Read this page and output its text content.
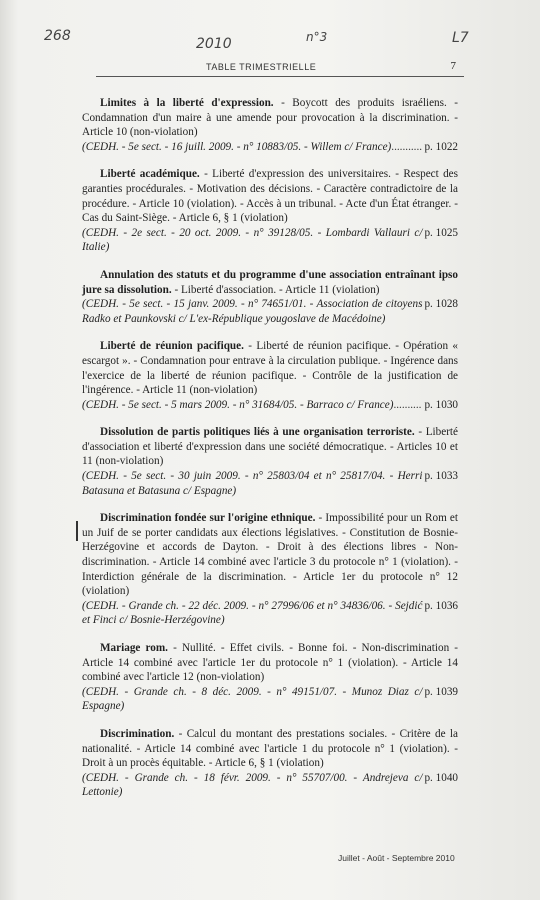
268	2010	n°3	L7
TABLE TRIMESTRIELLE	7
Limites à la liberté d'expression. - Boycott des produits israéliens. - Condamnation d'un maire à une amende pour provocation à la discrimination. - Article 10 (non-violation)
(CEDH. - 5e sect. - 16 juill. 2009. - n° 10883/05. - Willem c/ France) .....	p. 1022
Liberté académique. - Liberté d'expression des universitaires. - Respect des garanties procédurales. - Motivation des décisions. - Caractère contradictoire de la procédure. - Article 10 (violation). - Accès à un tribunal. - Acte d'un État étranger. - Cas du Saint-Siège. - Article 6, § 1 (violation)
(CEDH. - 2e sect. - 20 oct. 2009. - n° 39128/05. - Lombardi Vallauri c/ Italie)
p. 1025
Annulation des statuts et du programme d'une association entraînant ipso jure sa dissolution. - Liberté d'association. - Article 11 (violation)
(CEDH. - 5e sect. - 15 janv. 2009. - n° 74651/01. - Association de citoyens Radko et Paunkovski c/ L'ex-République yougoslave de Macédoine)
p. 1028
Liberté de réunion pacifique. - Liberté de réunion pacifique. - Opération « escargot ». - Condamnation pour entrave à la circulation publique. - Ingérence dans l'exercice de la liberté de réunion pacifique. - Contrôle de la justification de l'ingérence. - Article 11 (non-violation)
(CEDH. - 5e sect. - 5 mars 2009. - n° 31684/05. - Barraco c/ France) .....	p. 1030
Dissolution de partis politiques liés à une organisation terroriste. - Liberté d'association et liberté d'expression dans une société démocratique. - Articles 10 et 11 (non-violation)
(CEDH. - 5e sect. - 30 juin 2009. - n° 25803/04 et n° 25817/04. - Herri Batasuna et Batasuna c/ Espagne)
p. 1033
Discrimination fondée sur l'origine ethnique. - Impossibilité pour un Rom et un Juif de se porter candidats aux élections législatives. - Constitution de Bosnie-Herzégovine et accords de Dayton. - Droit à des élections libres - Non-discrimination. - Article 14 combiné avec l'article 3 du protocole n° 1 (violation). - Interdiction générale de la discrimination. - Article 1er du protocole n° 12 (violation)
(CEDH. - Grande ch. - 22 déc. 2009. - n° 27996/06 et n° 34836/06. - Sejdić et Finci c/ Bosnie-Herzégovine)
p. 1036
Mariage rom. - Nullité. - Effet civils. - Bonne foi. - Non-discrimination - Article 14 combiné avec l'article 1er du protocole n° 1 (violation). - Article 14 combiné avec l'article 12 (non-violation)
(CEDH. - Grande ch. - 8 déc. 2009. - n° 49151/07. - Munoz Diaz c/ Espagne)
p. 1039
Discrimination. - Calcul du montant des prestations sociales. - Critère de la nationalité. - Article 14 combiné avec l'article 1 du protocole n° 1 (violation). - Droit à un procès équitable. - Article 6, § 1 (violation)
(CEDH. - Grande ch. - 18 févr. 2009. - n° 55707/00. - Andrejeva c/ Lettonie)
p. 1040
Juillet - Août - Septembre 2010
